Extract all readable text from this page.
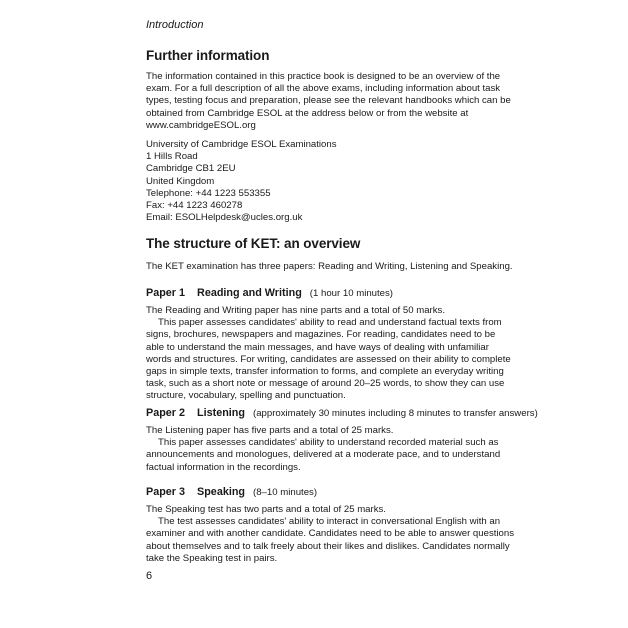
Introduction
Further information
The information contained in this practice book is designed to be an overview of the
exam. For a full description of all the above exams, including information about task
types, testing focus and preparation, please see the relevant handbooks which can be
obtained from Cambridge ESOL at the address below or from the website at
www.cambridgeESOL.org
University of Cambridge ESOL Examinations
1 Hills Road
Cambridge CB1 2EU
United Kingdom
Telephone: +44 1223 553355
Fax: +44 1223 460278
Email: ESOLHelpdesk@ucles.org.uk
The structure of KET: an overview
The KET examination has three papers: Reading and Writing, Listening and Speaking.
Paper 1 Reading and Writing (1 hour 10 minutes)
The Reading and Writing paper has nine parts and a total of 50 marks.
This paper assesses candidates' ability to read and understand factual texts from
signs, brochures, newspapers and magazines. For reading, candidates need to be
able to understand the main messages, and have ways of dealing with unfamiliar
words and structures. For writing, candidates are assessed on their ability to complete
gaps in simple texts, transfer information to forms, and complete an everyday writing
task, such as a short note or message of around 20–25 words, to show they can use
structure, vocabulary, spelling and punctuation.
Paper 2 Listening (approximately 30 minutes including 8 minutes to transfer answers)
The Listening paper has five parts and a total of 25 marks.
This paper assesses candidates' ability to understand recorded material such as
announcements and monologues, delivered at a moderate pace, and to understand
factual information in the recordings.
Paper 3 Speaking (8–10 minutes)
The Speaking test has two parts and a total of 25 marks.
The test assesses candidates' ability to interact in conversational English with an
examiner and with another candidate. Candidates need to be able to answer questions
about themselves and to talk freely about their likes and dislikes. Candidates normally
take the Speaking test in pairs.
6
